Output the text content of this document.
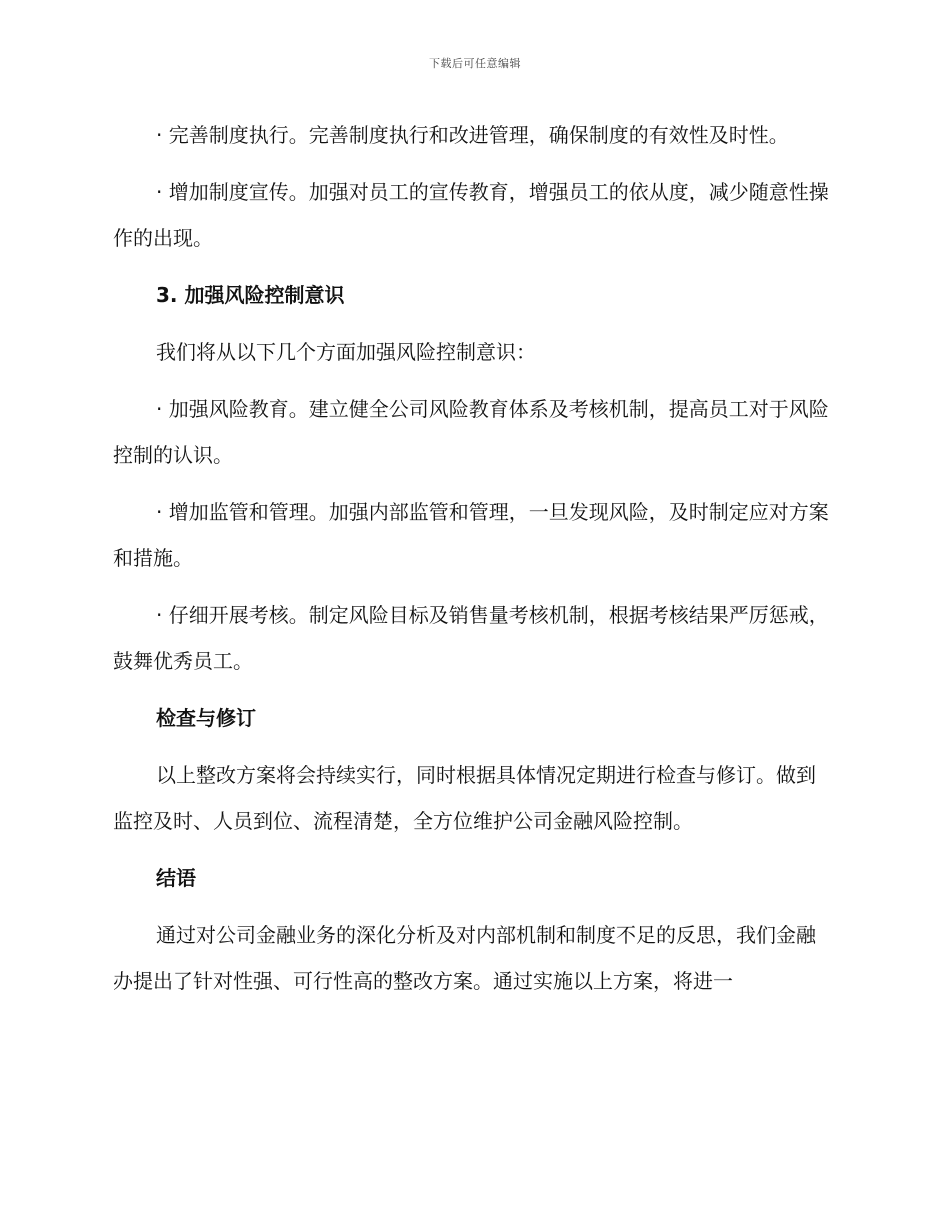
下载后可任意编辑

· 完善制度执行。完善制度执行和改进管理，确保制度的有效性及时性。

· 增加制度宣传。加强对员工的宣传教育，增强员工的依从度，减少随意性操作的出现。

3. 加强风险控制意识

我们将从以下几个方面加强风险控制意识：

· 加强风险教育。建立健全公司风险教育体系及考核机制，提高员工对于风险控制的认识。

· 增加监管和管理。加强内部监管和管理，一旦发现风险，及时制定应对方案和措施。

· 仔细开展考核。制定风险目标及销售量考核机制，根据考核结果严厉惩戒，鼓舞优秀员工。

检查与修订

以上整改方案将会持续实行，同时根据具体情况定期进行检查与修订。做到监控及时、人员到位、流程清楚，全方位维护公司金融风险控制。

结语

通过对公司金融业务的深化分析及对内部机制和制度不足的反思，我们金融办提出了针对性强、可行性高的整改方案。通过实施以上方案，将进一
